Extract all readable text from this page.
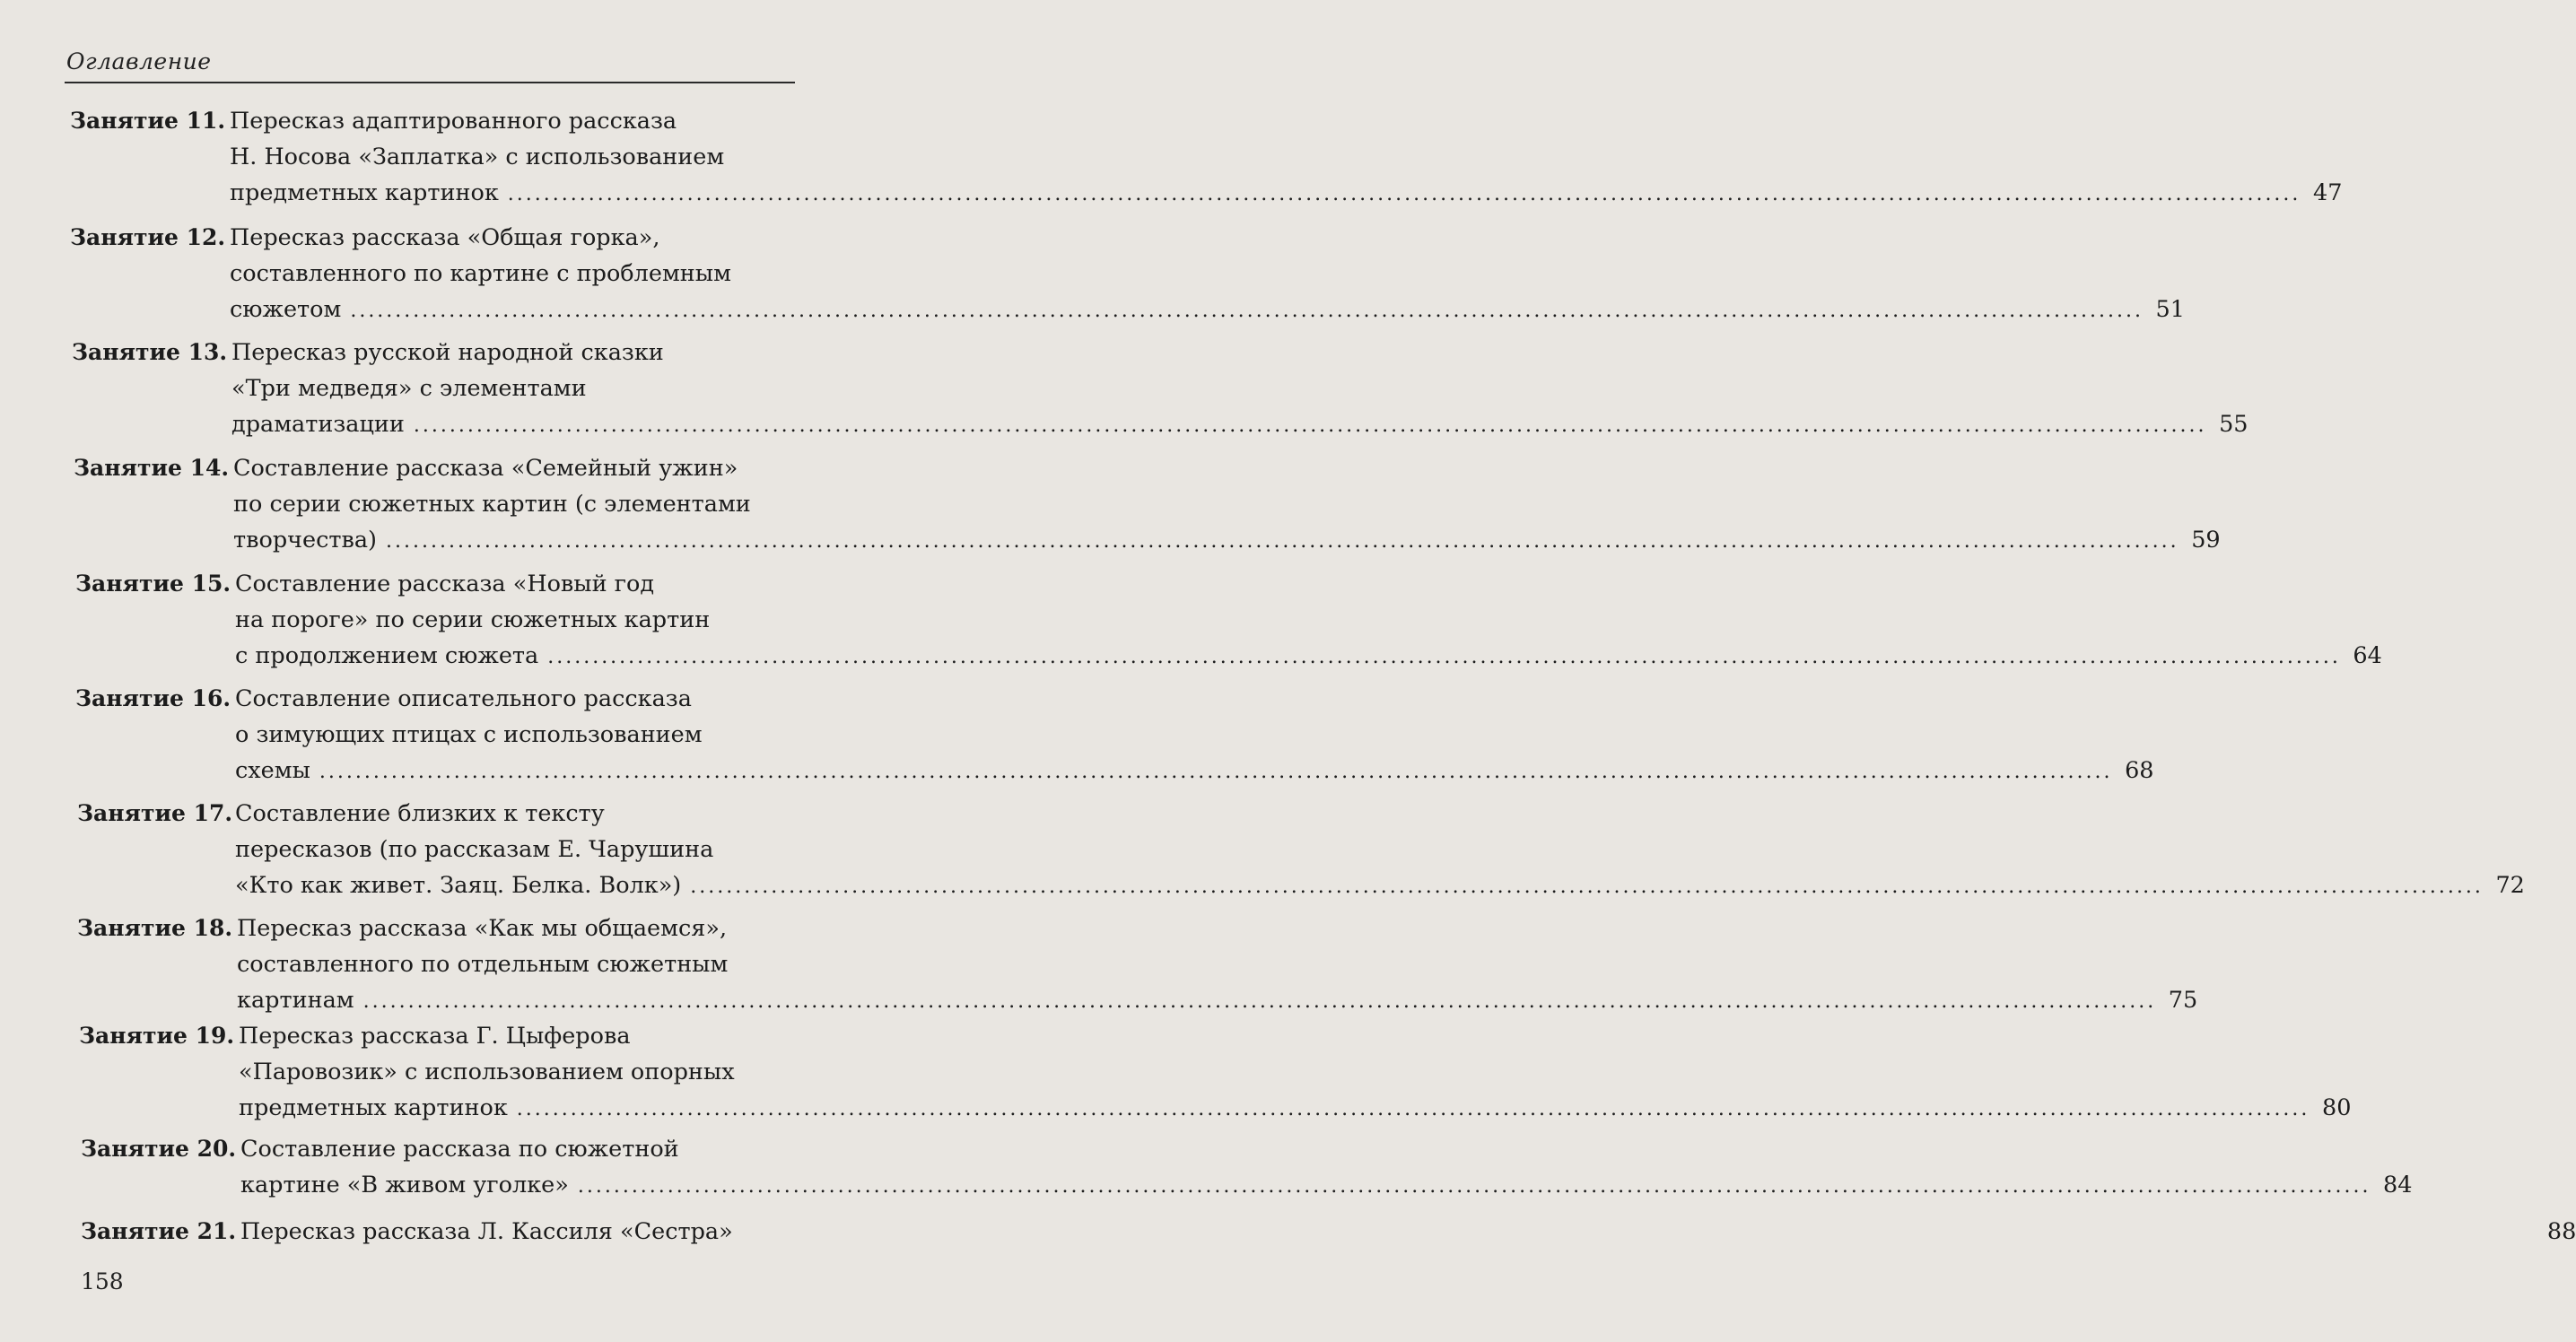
Оглавление
Занятие 11. Пересказ адаптированного рассказа
Н. Носова «Заплатка» с использованием
предметных картинок ........................................................................................................................................................................................................ 47
Занятие 12. Пересказ рассказа «Общая горка»,
составленного по картине с проблемным
сюжетом ........................................................................................................................................................................................................ 51
Занятие 13. Пересказ русской народной сказки
«Три медведя» с элементами
драматизации ........................................................................................................................................................................................................ 55
Занятие 14. Составление рассказа «Семейный ужин»
по серии сюжетных картин (с элементами
творчества) ........................................................................................................................................................................................................ 59
Занятие 15. Составление рассказа «Новый год
на пороге» по серии сюжетных картин
с продолжением сюжета ........................................................................................................................................................................................................ 64
Занятие 16. Составление описательного рассказа
о зимующих птицах с использованием
схемы ........................................................................................................................................................................................................ 68
Занятие 17. Составление близких к тексту
пересказов (по рассказам Е. Чарушина
«Кто как живет. Заяц. Белка. Волк») ........................................................................................................................................................................................................ 72
Занятие 18. Пересказ рассказа «Как мы общаемся»,
составленного по отдельным сюжетным
картинам ........................................................................................................................................................................................................ 75
Занятие 19. Пересказ рассказа Г. Цыферова
«Паровозик» с использованием опорных
предметных картинок ........................................................................................................................................................................................................ 80
Занятие 20. Составление рассказа по сюжетной
картине «В живом уголке» ........................................................................................................................................................................................................ 84
Занятие 21. Пересказ рассказа Л. Кассиля «Сестра»	88
158
